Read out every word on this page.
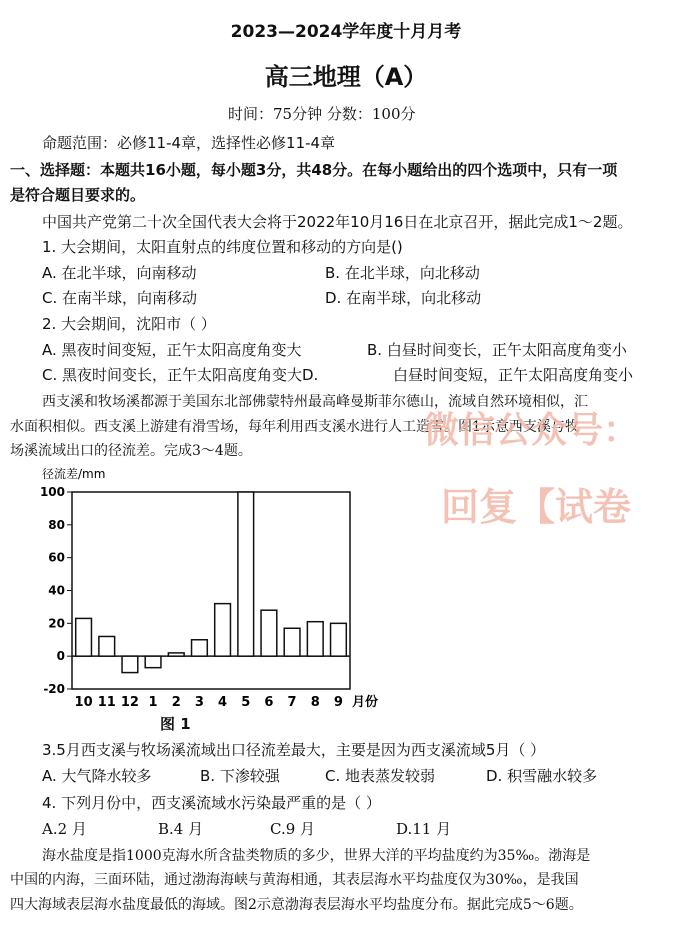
2023—2024学年度十月月考
高三地理（A）
时间：75分钟 分数：100分
命题范围：必修11-4章，选择性必修11-4章
一、选择题：本题共16小题，每小题3分，共48分。在每小题给出的四个选项中，只有一项
是符合题目要求的。
中国共产党第二十次全国代表大会将于2022年10月16日在北京召开，据此完成1～2题。
1. 大会期间，太阳直射点的纬度位置和移动的方向是()
A. 在北半球，向南移动	B. 在北半球，向北移动
C. 在南半球，向南移动	D. 在南半球，向北移动
2. 大会期间，沈阳市（ ）
A. 黑夜时间变短，正午太阳高度角变大	B. 白昼时间变长，正午太阳高度角变小
C. 黑夜时间变长，正午太阳高度角变大D.	白昼时间变短，正午太阳高度角变小
西支溪和牧场溪都源于美国东北部佛蒙特州最高峰曼斯菲尔德山，流域自然环境相似，汇
水面积相似。西支溪上游建有滑雪场，每年利用西支溪水进行人工造雪。图1示意西支溪与牧
场溪流域出口的径流差。完成3～4题。	微信公众号：
回复【试卷
径流差/mm
100
80
60
40
20
0
-20
10 11 12 1 2 3 4 5 6 7 8 9 月份
图 1
3.5月西支溪与牧场溪流域出口径流差最大，主要是因为西支溪流域5月（ ）
A. 大气降水较多	B. 下渗较强	C. 地表蒸发较弱	D. 积雪融水较多
4. 下列月份中，西支溪流域水污染最严重的是（ ）
A.2 月	B.4 月	C.9 月	D.11 月
海水盐度是指1000克海水所含盐类物质的多少，世界大洋的平均盐度约为35‰。渤海是
中国的内海，三面环陆，通过渤海海峡与黄海相通，其表层海水平均盐度仅为30‰，是我国
四大海域表层海水盐度最低的海域。图2示意渤海表层海水平均盐度分布。据此完成5～6题。
